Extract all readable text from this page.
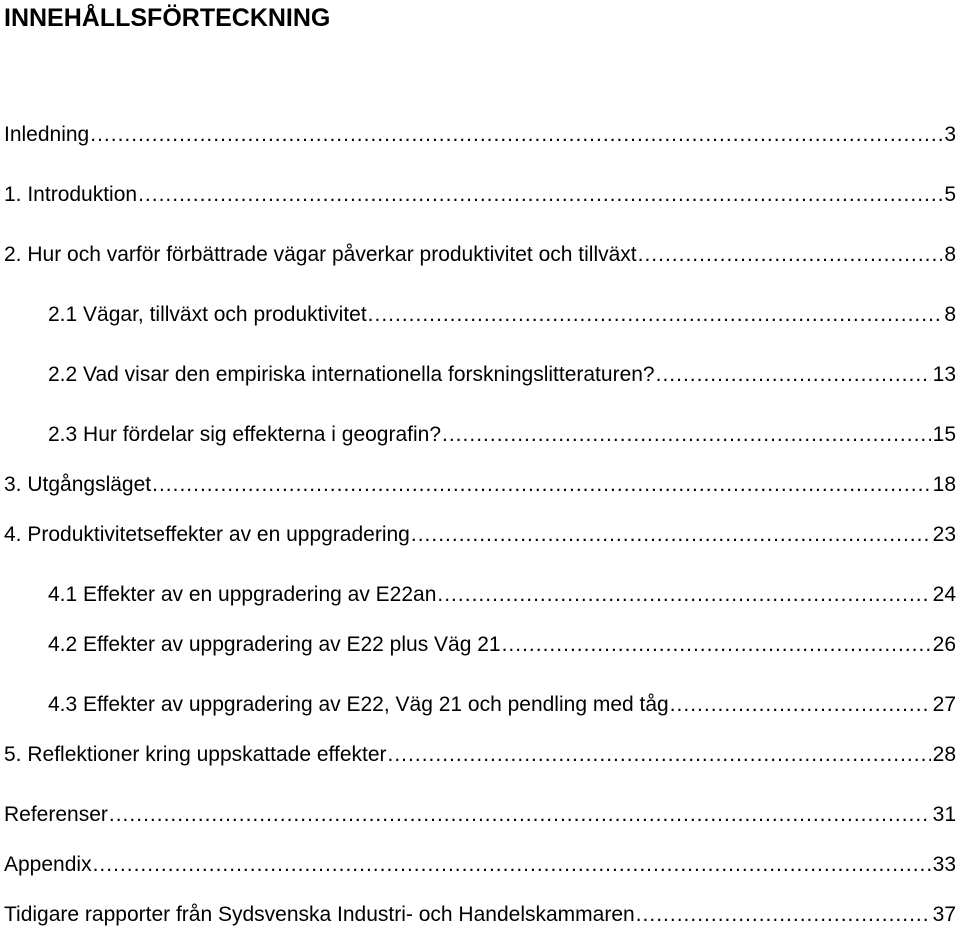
INNEHÅLLSFÖRTECKNING
Inledning .....	3
1. Introduktion .....	5
2. Hur och varför förbättrade vägar påverkar produktivitet och tillväxt .....	8
2.1 Vägar, tillväxt och produktivitet .....	8
2.2 Vad visar den empiriska internationella forskningslitteraturen? .....	13
2.3 Hur fördelar sig effekterna i geografin? .....	15
3. Utgångsläget .....	18
4. Produktivitetseffekter av en uppgradering .....	23
4.1 Effekter av en uppgradering av E22an .....	24
4.2 Effekter av uppgradering av E22 plus Väg 21 .....	26
4.3 Effekter av uppgradering av E22, Väg 21 och pendling med tåg .....	27
5. Reflektioner kring uppskattade effekter .....	28
Referenser .....	31
Appendix .....	33
Tidigare rapporter från Sydsvenska Industri- och Handelskammaren .....	37
